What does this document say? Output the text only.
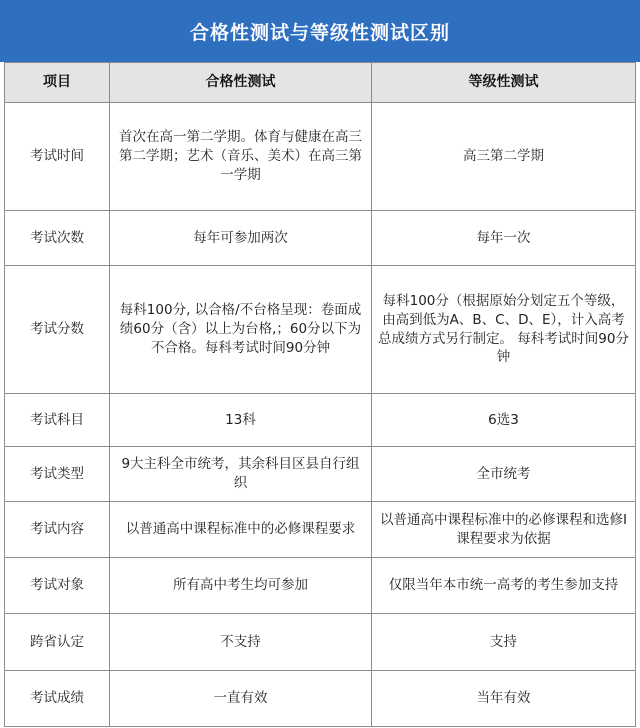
合格性测试与等级性测试区别
项目	合格性测试	等级性测试
考试时间	首次在高一第二学期。体育与健康在高三第二学期；艺术（音乐、美术）在高三第一学期	高三第二学期
考试次数	每年可参加两次	每年一次
考试分数	每科100分, 以合格/不台格呈现：卷面成绩60分（含）以上为台格,；60分以下为不合格。每科考试时间90分钟	每科100分（根据原始分划定五个等级，由高到低为A、B、C、D、E），计入高考总成绩方式另行制定。 每科考试时间90分钟
考试科目	13科	6选3
考试类型	9大主科全市统考，其余科目区县自行组织	全市统考
考试内容	以普通高中课程标准中的必修课程要求	以普通高中课程标准中的必修课程和选修I课程要求为依据
考试对象	所有高中考生均可参加	仅限当年本市统一高考的考生参加支持
跨省认定	不支持	支持
考试成绩	一直有效	当年有效
